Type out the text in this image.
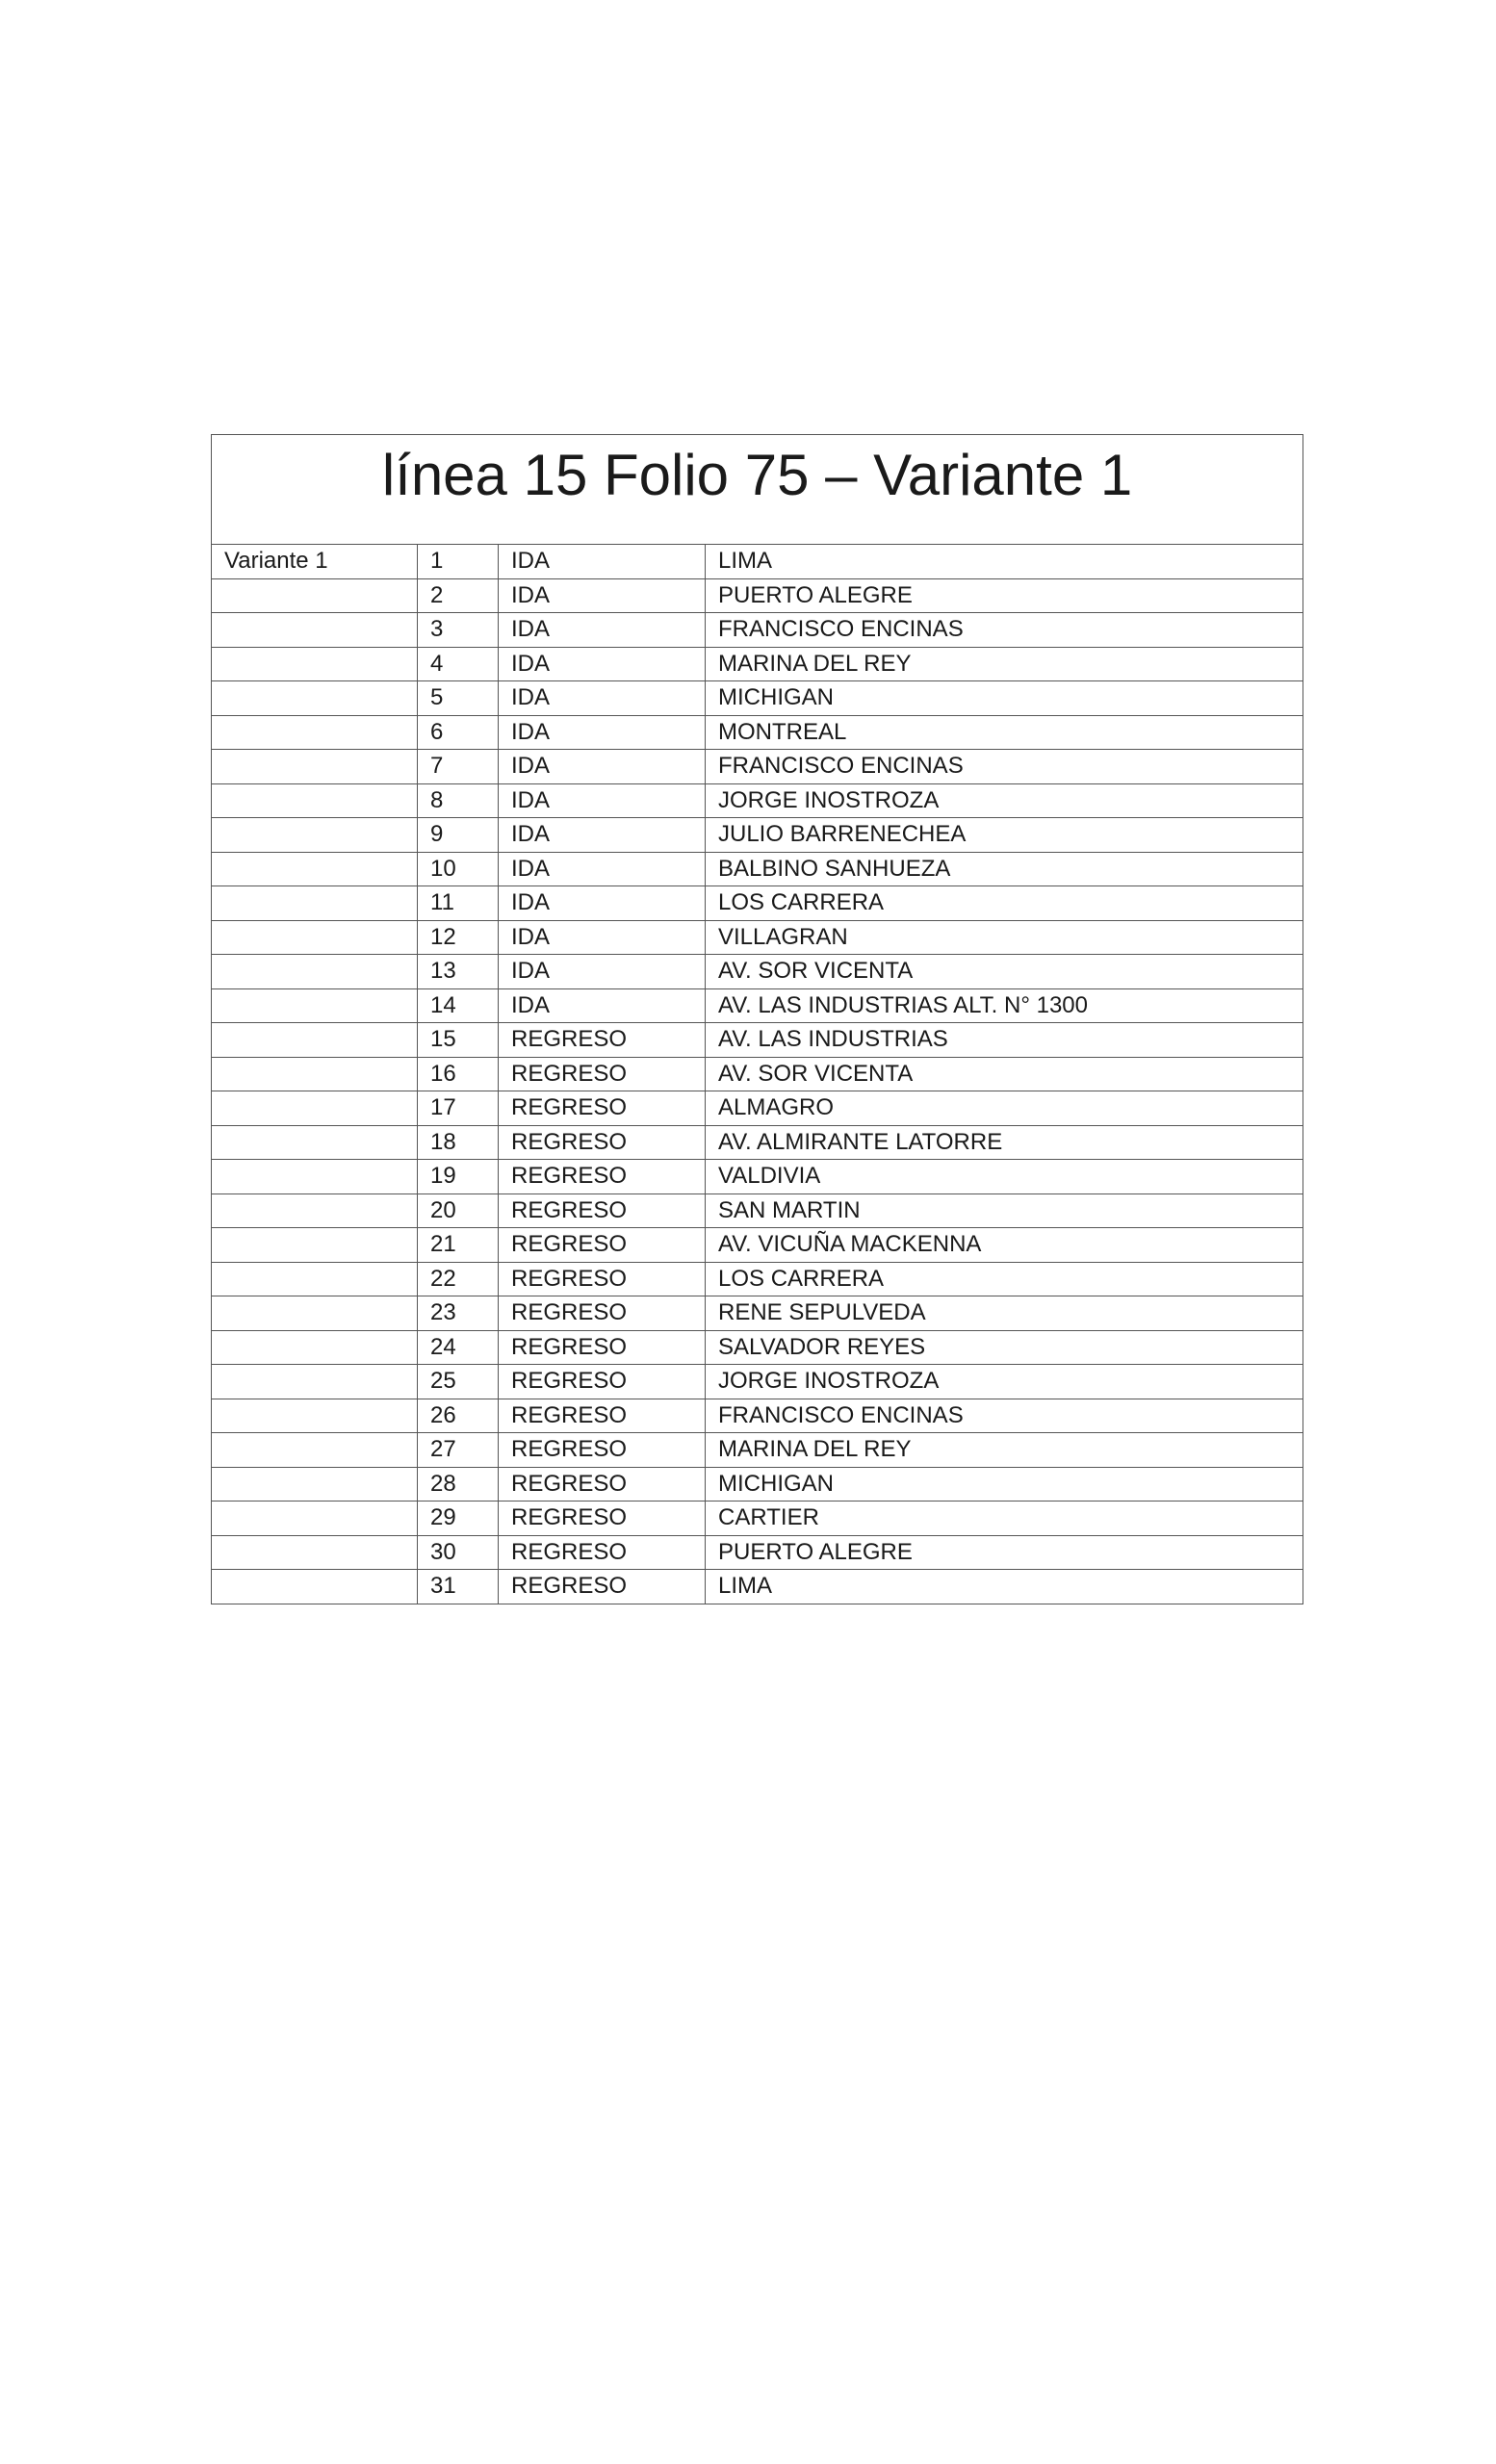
línea 15 Folio 75 – Variante 1			
Variante 1	1	IDA	LIMA
	2	IDA	PUERTO ALEGRE
	3	IDA	FRANCISCO ENCINAS
	4	IDA	MARINA DEL REY
	5	IDA	MICHIGAN
	6	IDA	MONTREAL
	7	IDA	FRANCISCO ENCINAS
	8	IDA	JORGE INOSTROZA
	9	IDA	JULIO BARRENECHEA
	10	IDA	BALBINO SANHUEZA
	11	IDA	LOS CARRERA
	12	IDA	VILLAGRAN
	13	IDA	AV. SOR VICENTA
	14	IDA	AV. LAS INDUSTRIAS ALT. N° 1300
	15	REGRESO	AV. LAS INDUSTRIAS
	16	REGRESO	AV. SOR VICENTA
	17	REGRESO	ALMAGRO
	18	REGRESO	AV. ALMIRANTE LATORRE
	19	REGRESO	VALDIVIA
	20	REGRESO	SAN MARTIN
	21	REGRESO	AV. VICUÑA MACKENNA
	22	REGRESO	LOS CARRERA
	23	REGRESO	RENE SEPULVEDA
	24	REGRESO	SALVADOR REYES
	25	REGRESO	JORGE INOSTROZA
	26	REGRESO	FRANCISCO ENCINAS
	27	REGRESO	MARINA DEL REY
	28	REGRESO	MICHIGAN
	29	REGRESO	CARTIER
	30	REGRESO	PUERTO ALEGRE
	31	REGRESO	LIMA
